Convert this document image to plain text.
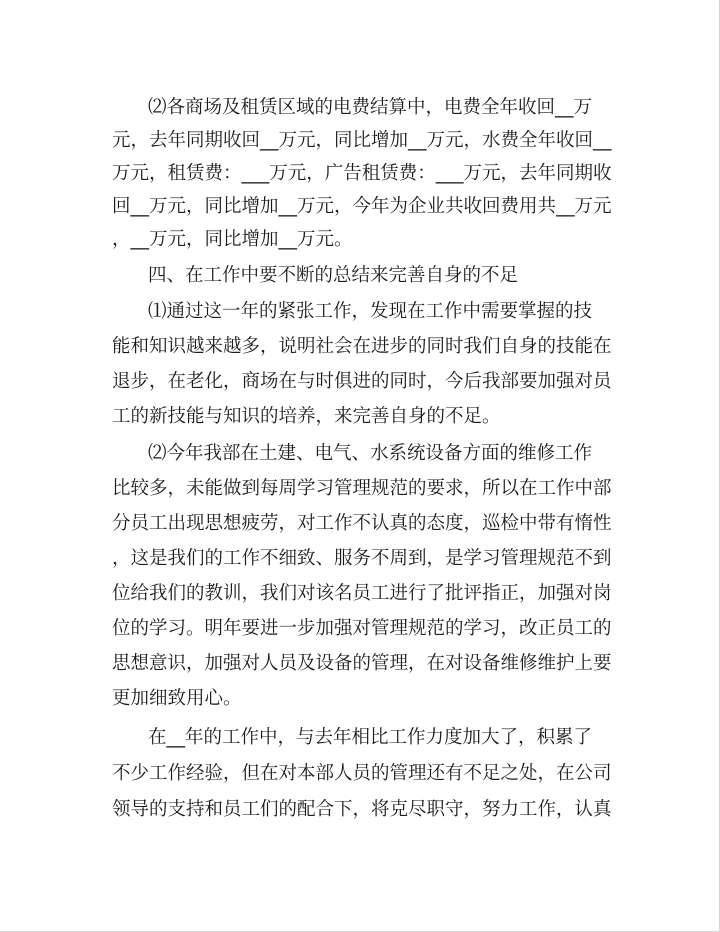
⑵各商场及租赁区域的电费结算中，电费全年收回__万
元，去年同期收回__万元，同比增加__万元，水费全年收回__
万元，租赁费：___万元，广告租赁费：___万元，去年同期收
回__万元，同比增加__万元，今年为企业共收回费用共__万元
，__万元，同比增加__万元。
四、在工作中要不断的总结来完善自身的不足
⑴通过这一年的紧张工作，发现在工作中需要掌握的技
能和知识越来越多，说明社会在进步的同时我们自身的技能在
退步，在老化，商场在与时俱进的同时，今后我部要加强对员
工的新技能与知识的培养，来完善自身的不足。
⑵今年我部在土建、电气、水系统设备方面的维修工作
比较多，未能做到每周学习管理规范的要求，所以在工作中部
分员工出现思想疲劳，对工作不认真的态度，巡检中带有惰性
，这是我们的工作不细致、服务不周到，是学习管理规范不到
位给我们的教训，我们对该名员工进行了批评指正，加强对岗
位的学习。明年要进一步加强对管理规范的学习，改正员工的
思想意识，加强对人员及设备的管理，在对设备维修维护上要
更加细致用心。
在__年的工作中，与去年相比工作力度加大了，积累了
不少工作经验，但在对本部人员的管理还有不足之处，在公司
领导的支持和员工们的配合下，将克尽职守，努力工作，认真
